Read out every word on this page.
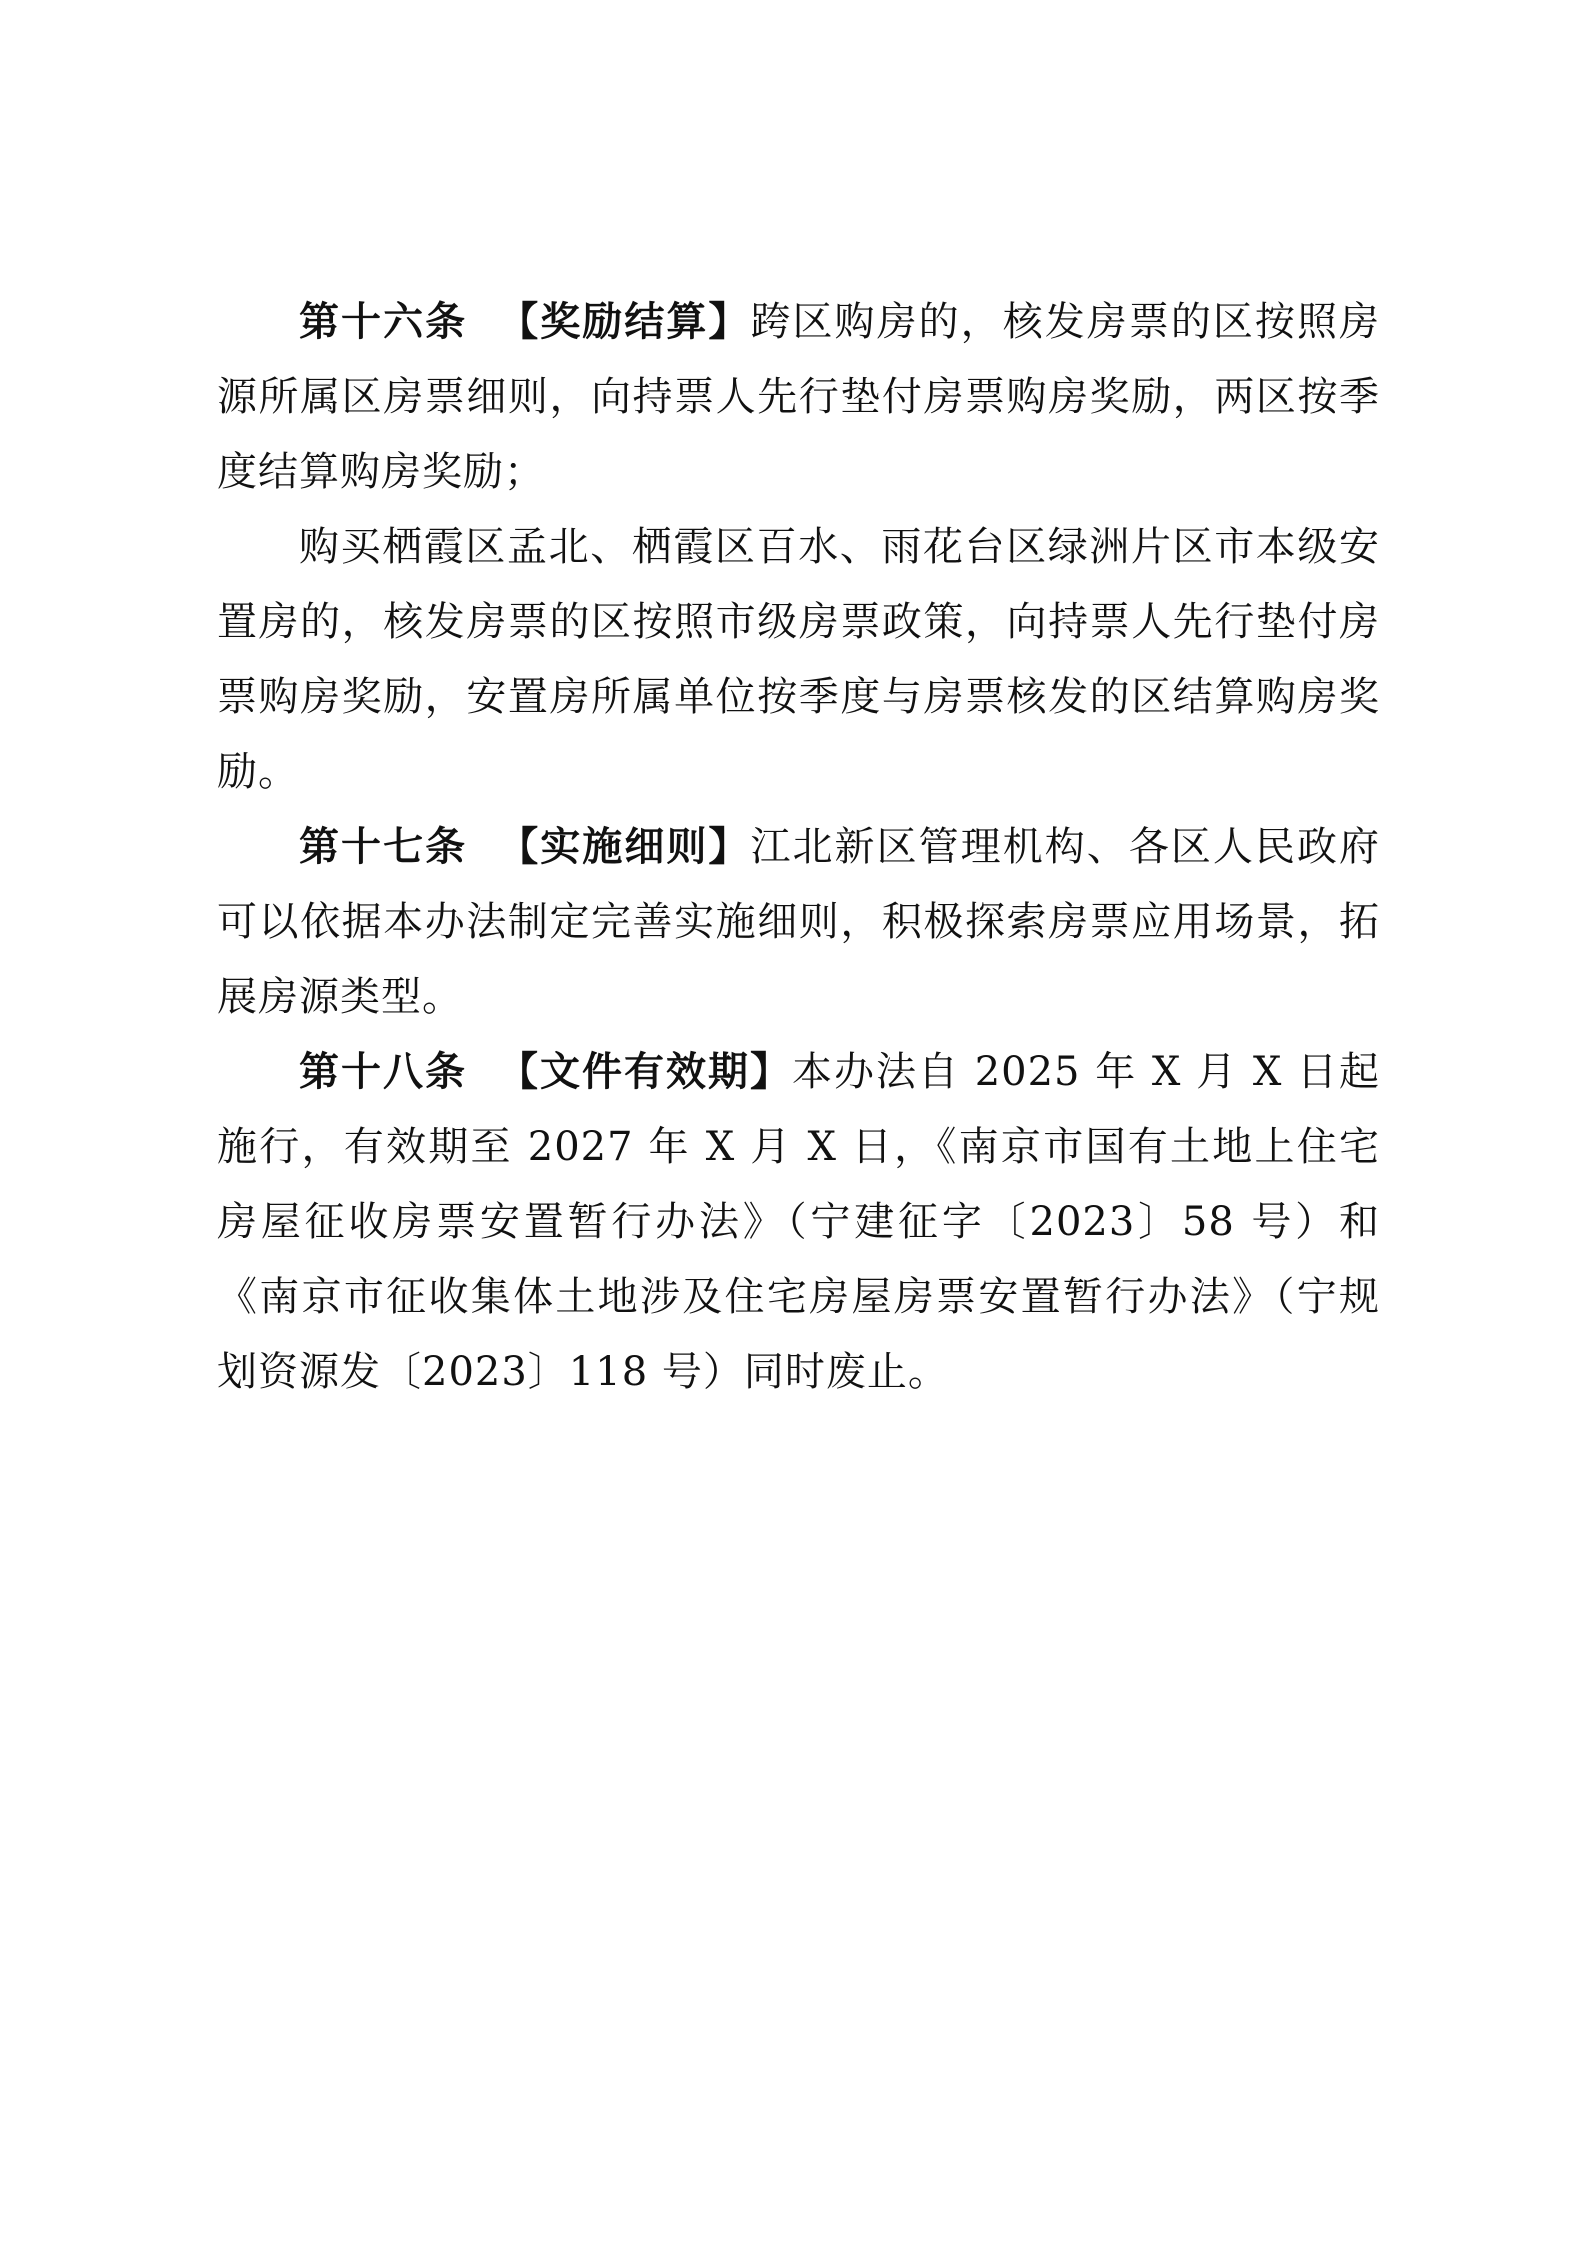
第十六条 【奖励结算】跨区购房的，核发房票的区按照房源所属区房票细则，向持票人先行垫付房票购房奖励，两区按季度结算购房奖励；

购买栖霞区孟北、栖霞区百水、雨花台区绿洲片区市本级安置房的，核发房票的区按照市级房票政策，向持票人先行垫付房票购房奖励，安置房所属单位按季度与房票核发的区结算购房奖励。

第十七条 【实施细则】江北新区管理机构、各区人民政府可以依据本办法制定完善实施细则，积极探索房票应用场景，拓展房源类型。

第十八条 【文件有效期】本办法自 2025 年 X 月 X 日起施行，有效期至 2027 年 X 月 X 日，《南京市国有土地上住宅房屋征收房票安置暂行办法》（宁建征字〔2023〕58 号）和《南京市征收集体土地涉及住宅房屋房票安置暂行办法》（宁规划资源发〔2023〕118 号）同时废止。
